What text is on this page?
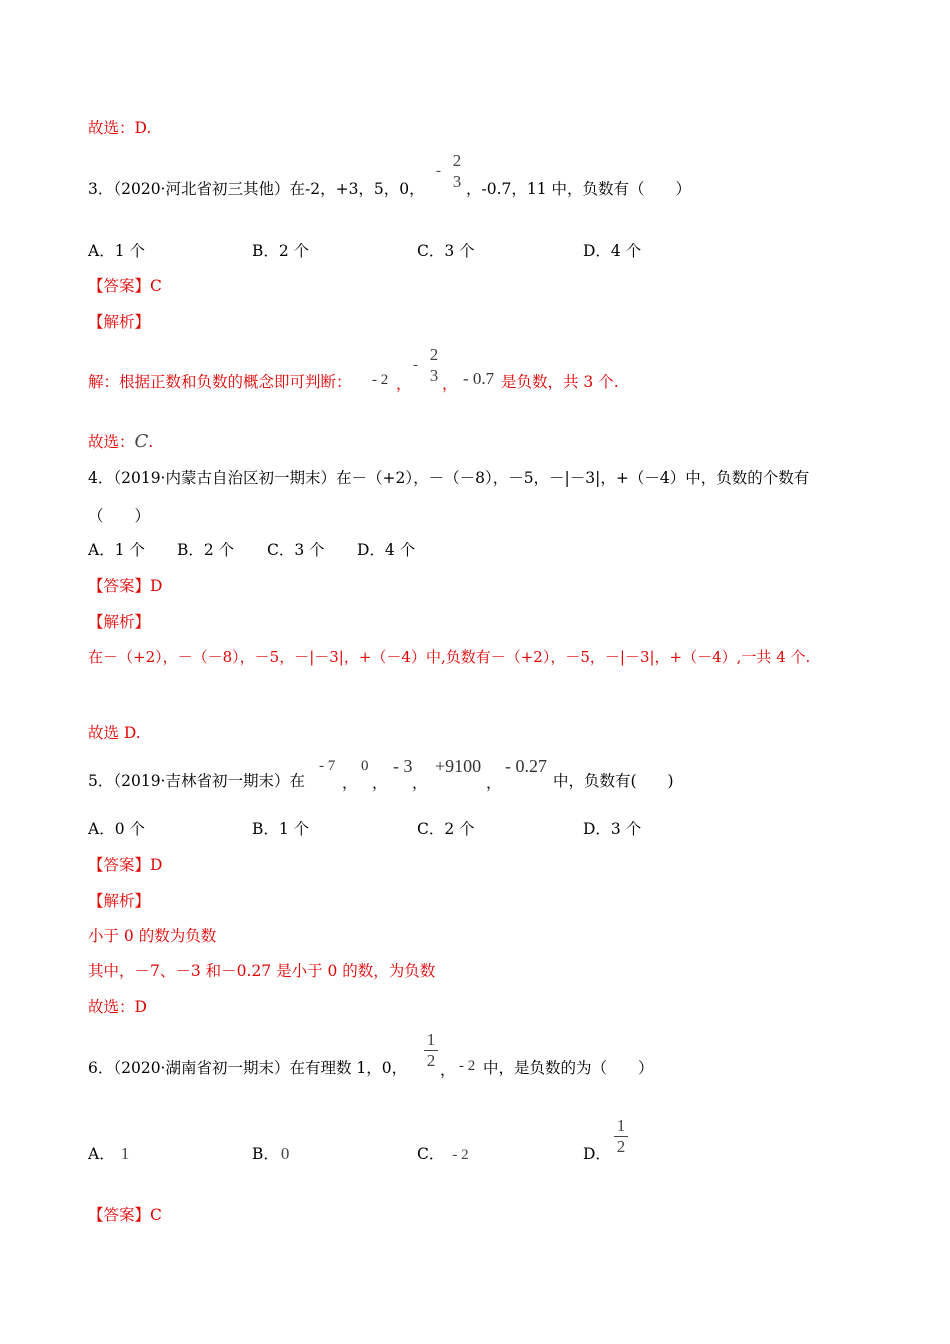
故选：D.
3．（2020·河北省初三其他）在-2，+3，5，0，
-
2
3 ，-0.7，11 中，负数有（　　）
A．1 个	B．2 个	C．3 个	D．4 个
【答案】C
【解析】
解：根据正数和负数的概念即可判断： - 2 ，
-
2
3 ， - 0.7 是负数，共 3 个.
故选：C.
4．（2019·内蒙古自治区初一期末）在－（+2），－（－8），－5，－|－3|，+（－4）中，负数的个数有
（　　）
A．1 个 B．2 个 C．3 个 D．4 个
【答案】D
【解析】
在－（+2），－（－8），－5，－|－3|，+（－4）中,负数有－（+2），－5，－|－3|，+（－4）,一共 4 个.
故选 D.
5．（2019·吉林省初一期末）在
- 7
，
0
，
- 3
，
+9100
，
- 0.27
中，负数有(　　)
A．0 个	B．1 个	C．2 个	D．3 个
【答案】D
【解析】
小于 0 的数为负数
其中，－7、－3 和－0.27 是小于 0 的数，为负数
故选：D
6．（2020·湖南省初一期末）在有理数 1，0，
1
2
， - 2 中，是负数的为（　　）
A． 1	B． 0	C． - 2	D．
1
2
【答案】C
